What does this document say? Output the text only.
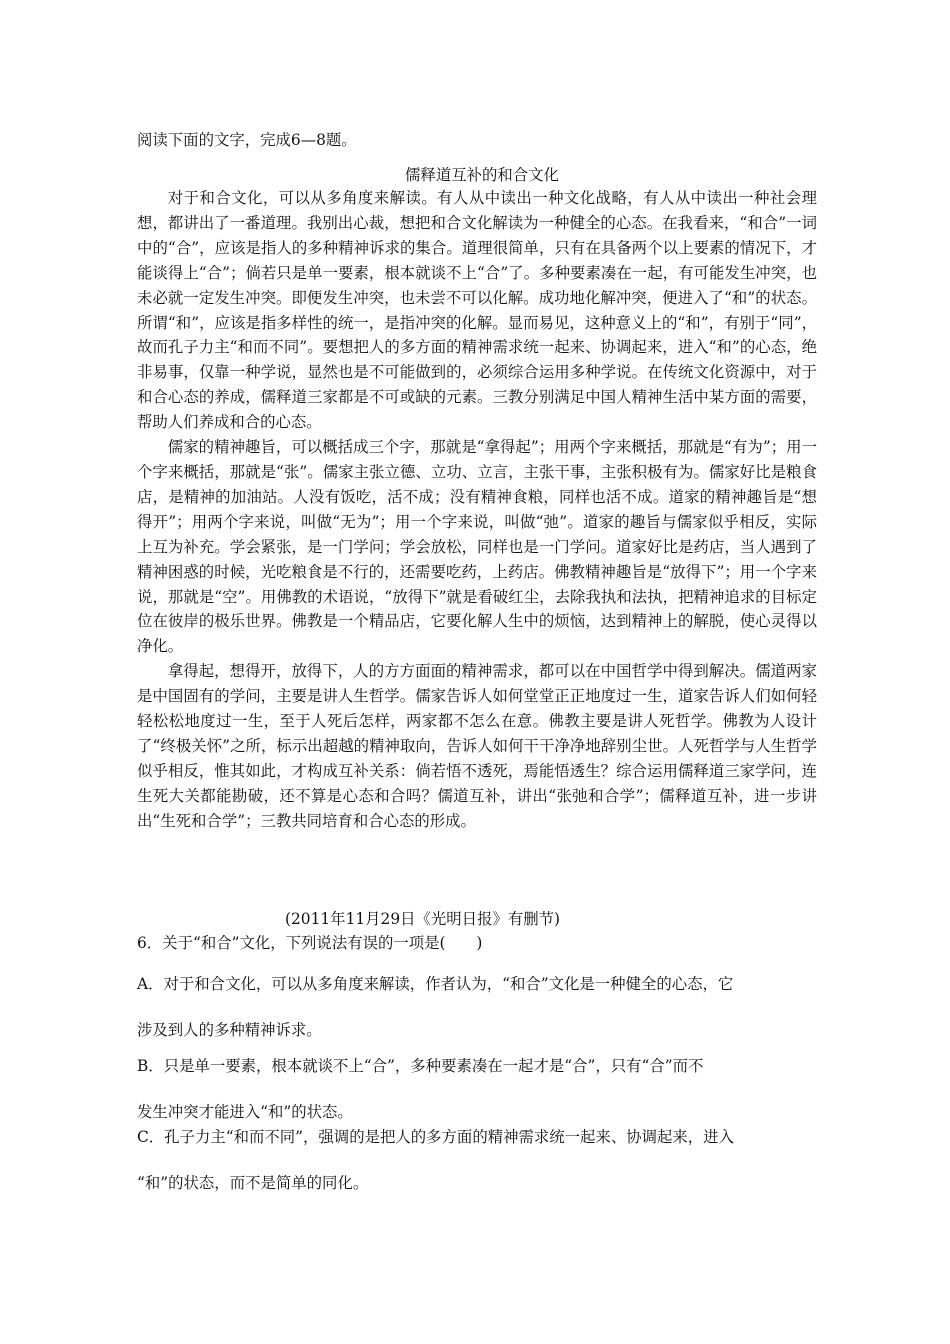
阅读下面的文字，完成6—8题。
儒释道互补的和合文化

对于和合文化，可以从多角度来解读。有人从中读出一种文化战略，有人从中读出一种社会理想，都讲出了一番道理。我别出心裁，想把和合文化解读为一种健全的心态。在我看来，“和合”一词中的“合”，应该是指人的多种精神诉求的集合。道理很简单，只有在具备两个以上要素的情况下，才能谈得上“合”；倘若只是单一要素，根本就谈不上“合”了。多种要素凑在一起，有可能发生冲突，也未必就一定发生冲突。即便发生冲突，也未尝不可以化解。成功地化解冲突，便进入了“和”的状态。所谓“和”，应该是指多样性的统一，是指冲突的化解。显而易见，这种意义上的“和”，有别于“同”，故而孔子力主“和而不同”。要想把人的多方面的精神需求统一起来、协调起来，进入“和”的心态，绝非易事，仅靠一种学说，显然也是不可能做到的，必须综合运用多种学说。在传统文化资源中，对于和合心态的养成，儒释道三家都是不可或缺的元素。三教分别满足中国人精神生活中某方面的需要，帮助人们养成和合的心态。

儒家的精神趣旨，可以概括成三个字，那就是“拿得起”；用两个字来概括，那就是“有为”；用一个字来概括，那就是“张”。儒家主张立德、立功、立言，主张干事，主张积极有为。儒家好比是粮食店，是精神的加油站。人没有饭吃，活不成；没有精神食粮，同样也活不成。道家的精神趣旨是“想得开”；用两个字来说，叫做“无为”；用一个字来说，叫做“弛”。道家的趣旨与儒家似乎相反，实际上互为补充。学会紧张，是一门学问；学会放松，同样也是一门学问。道家好比是药店，当人遇到了精神困惑的时候，光吃粮食是不行的，还需要吃药，上药店。佛教精神趣旨是“放得下”；用一个字来说，那就是“空”。用佛教的术语说，“放得下”就是看破红尘，去除我执和法执，把精神追求的目标定位在彼岸的极乐世界。佛教是一个精品店，它要化解人生中的烦恼，达到精神上的解脱，使心灵得以净化。

拿得起，想得开，放得下，人的方方面面的精神需求，都可以在中国哲学中得到解决。儒道两家是中国固有的学问，主要是讲人生哲学。儒家告诉人如何堂堂正正地度过一生，道家告诉人们如何轻轻松松地度过一生，至于人死后怎样，两家都不怎么在意。佛教主要是讲人死哲学。佛教为人设计了“终极关怀”之所，标示出超越的精神取向，告诉人如何干干净净地辞别尘世。人死哲学与人生哲学似乎相反，惟其如此，才构成互补关系：倘若悟不透死，焉能悟透生？综合运用儒释道三家学问，连生死大关都能勘破，还不算是心态和合吗？儒道互补，讲出“张弛和合学”；儒释道互补，进一步讲出“生死和合学”；三教共同培育和合心态的形成。

(2011年11月29日《光明日报》有删节)
6．关于“和合”文化，下列说法有误的一项是(　　)
A．对于和合文化，可以从多角度来解读，作者认为，“和合”文化是一种健全的心态，它
涉及到人的多种精神诉求。
B．只是单一要素，根本就谈不上“合”，多种要素凑在一起才是“合”，只有“合”而不
发生冲突才能进入“和”的状态。
C．孔子力主“和而不同”，强调的是把人的多方面的精神需求统一起来、协调起来，进入
“和”的状态，而不是简单的同化。
